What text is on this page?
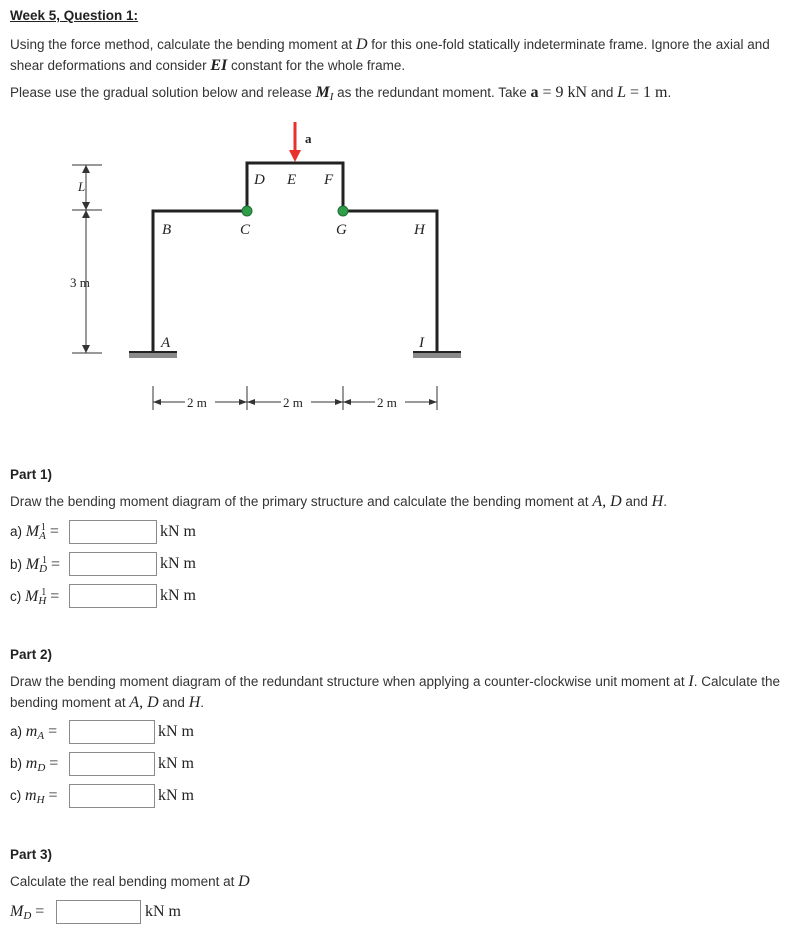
Week 5, Question 1:
Using the force method, calculate the bending moment at D for this one-fold statically indeterminate frame. Ignore the axial and
shear deformations and consider EI constant for the whole frame.
Please use the gradual solution below and release $M_I$ as the redundant moment. Take a = 9 kN and L = 1 m.
L
3 m
a
D E F
B	C	G	H
A	I
2 m	2 m	2 m
Part 1)
Draw the bending moment diagram of the primary structure and calculate the bending moment at A, D and H.
a) $M_A^1$ =	kN m
b) $M_D^1$ =	kN m
c) $M_H^1$ =	kN m
Part 2)
Draw the bending moment diagram of the redundant structure when applying a counter-clockwise unit moment at I. Calculate the
bending moment at A, D and H.
a) $m_A$ =	kN m
b) $m_D$ =	kN m
c) $m_H$ =	kN m
Part 3)
Calculate the real bending moment at D
$M_D$ =	kN m
